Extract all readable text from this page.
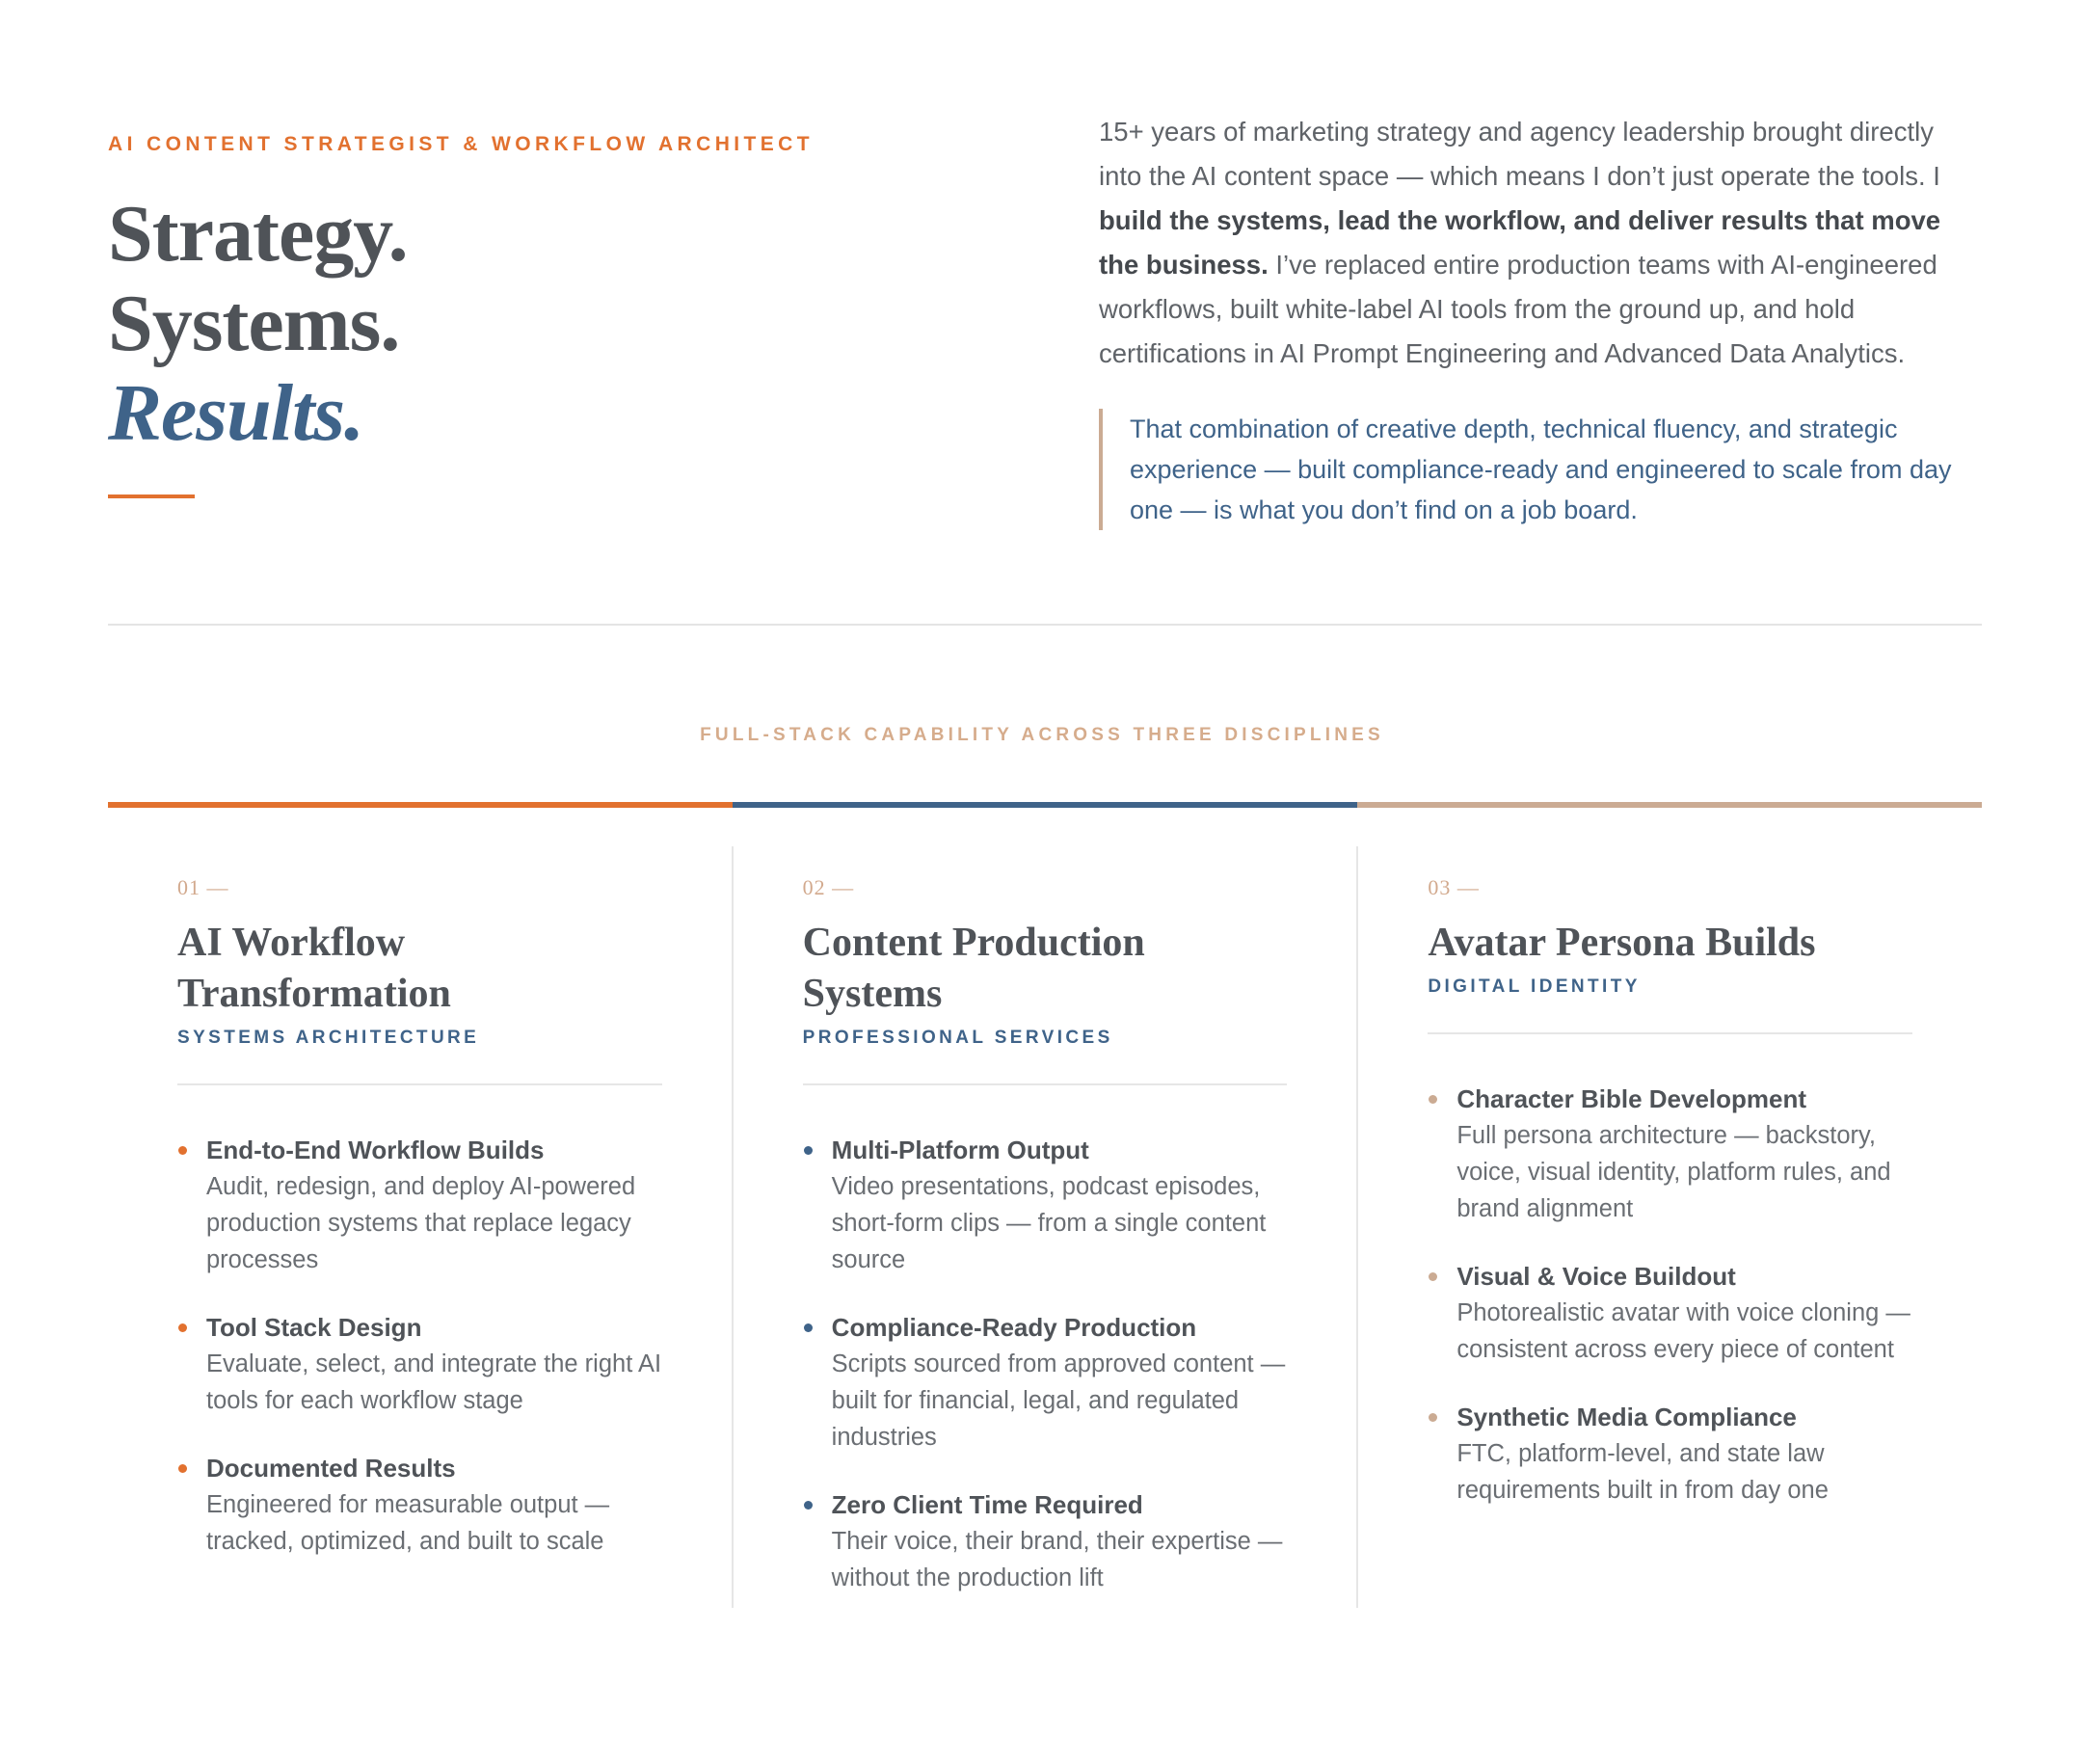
AI CONTENT STRATEGIST & WORKFLOW ARCHITECT
Strategy.
Systems.
Results.

15+ years of marketing strategy and agency leadership brought directly into the AI content space — which means I don’t just operate the tools. I build the systems, lead the workflow, and deliver results that move the business. I’ve replaced entire production teams with AI-engineered workflows, built white-label AI tools from the ground up, and hold certifications in AI Prompt Engineering and Advanced Data Analytics.

That combination of creative depth, technical fluency, and strategic experience — built compliance-ready and engineered to scale from day one — is what you don’t find on a job board.
FULL-STACK CAPABILITY ACROSS THREE DISCIPLINES
01 —
AI Workflow Transformation
SYSTEMS ARCHITECTURE
End-to-End Workflow Builds
Audit, redesign, and deploy AI-powered production systems that replace legacy processes
Tool Stack Design
Evaluate, select, and integrate the right AI tools for each workflow stage
Documented Results
Engineered for measurable output — tracked, optimized, and built to scale
02 —
Content Production Systems
PROFESSIONAL SERVICES
Multi-Platform Output
Video presentations, podcast episodes, short-form clips — from a single content source
Compliance-Ready Production
Scripts sourced from approved content — built for financial, legal, and regulated industries
Zero Client Time Required
Their voice, their brand, their expertise — without the production lift
03 —
Avatar Persona Builds
DIGITAL IDENTITY
Character Bible Development
Full persona architecture — backstory, voice, visual identity, platform rules, and brand alignment
Visual & Voice Buildout
Photorealistic avatar with voice cloning — consistent across every piece of content
Synthetic Media Compliance
FTC, platform-level, and state law requirements built in from day one
